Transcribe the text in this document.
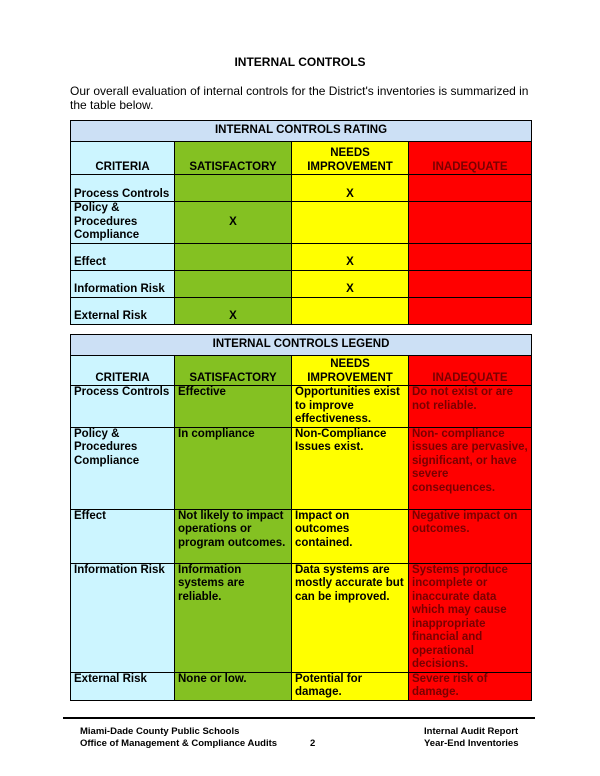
INTERNAL CONTROLS
Our overall evaluation of internal controls for the District's inventories is summarized in the table below.
INTERNAL CONTROLS RATING			
CRITERIA	SATISFACTORY	NEEDS IMPROVEMENT	INADEQUATE
Process Controls		X	
Policy & Procedures Compliance	X		
Effect		X	
Information Risk		X	
External Risk	X		
INTERNAL CONTROLS LEGEND			
CRITERIA	SATISFACTORY	NEEDS IMPROVEMENT	INADEQUATE
Process Controls	Effective	Opportunities exist to improve effectiveness.	Do not exist or are not reliable.
Policy & Procedures Compliance	In compliance	Non-Compliance Issues exist.	Non- compliance issues are pervasive, significant, or have severe consequences.
Effect	Not likely to impact operations or program outcomes.	Impact on outcomes contained.	Negative impact on outcomes.
Information Risk	Information systems are reliable.	Data systems are mostly accurate but can be improved.	Systems produce incomplete or inaccurate data which may cause inappropriate financial and operational decisions.
External Risk	None or low.	Potential for damage.	Severe risk of damage.
Miami-Dade County Public Schools
Office of Management & Compliance Audits	2
Internal Audit Report
Year-End Inventories
